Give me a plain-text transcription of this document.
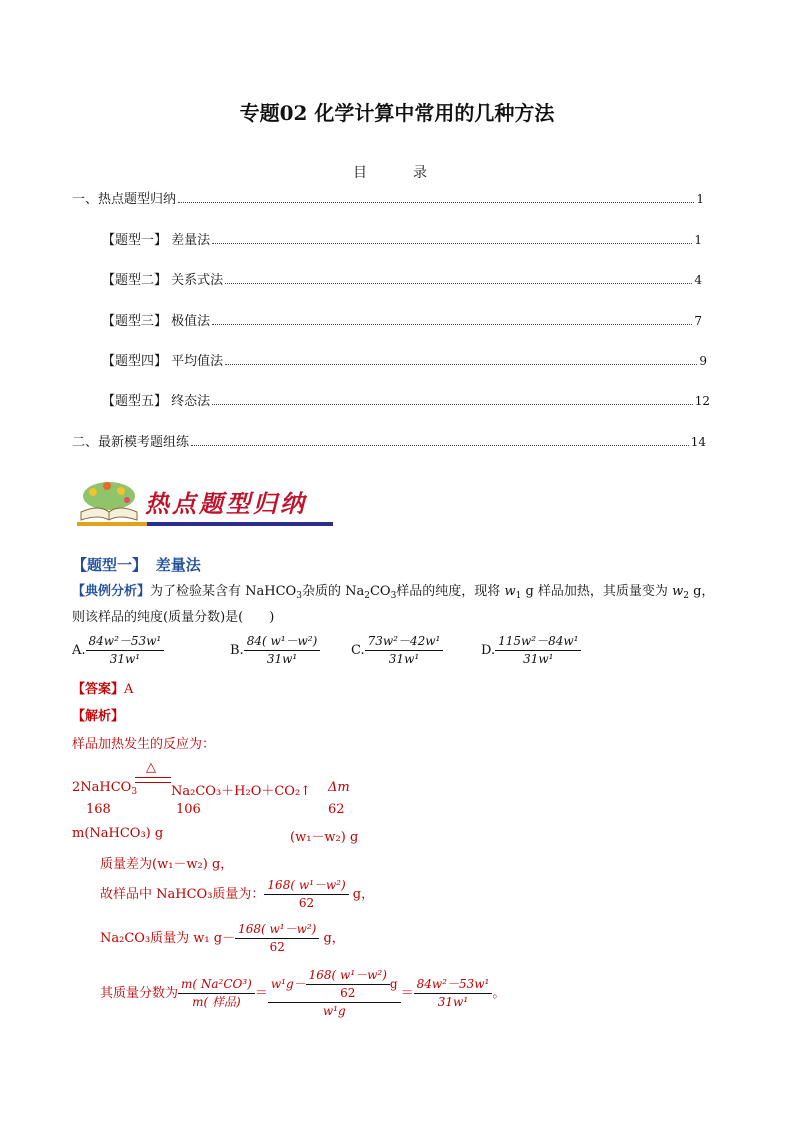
专题02 化学计算中常用的几种方法
目	录
一、热点题型归纳	1
【题型一】 差量法	1
【题型二】 关系式法	4
【题型三】 极值法	7
【题型四】 平均值法	9
【题型五】 终态法	12
二、最新模考题组练	14
热点题型归纳
【题型一】 差量法
【典例分析】为了检验某含有 NaHCO$_3$杂质的 $Na_2CO_3$样品的纯度，现将 $w_1$ g 样品加热，其质量变为 $w_2$ g，
则该样品的纯度(质量分数)是(　　)
A. $\frac{\text{84w²－53w¹}}{\text{31w¹}}$	B. $\frac{\text{84( w¹－w²)}}{\text{31w¹}} C$. $\frac{\text{73w²－42w¹}}{\text{31w¹}}$	D. $\frac{\text{115w²－84w¹}}{\text{31w¹}}$
【答案】A
【解析】
样品加热发生的反应为：
2NaHCO$_3$
△
Na₂CO₃＋H₂O＋CO₂↑ Δm
168	106	62
m(NaHCO₃) g	(w₁－w₂) g
质量差为(w₁－w₂) g，
故样品中 NaHCO₃质量为： $\frac{\text{168( w¹－w²)}}{62}$ g，
Na₂CO₃质量为 w₁ $g- \frac{\text{168( w¹－w²)}}{62}$ g，
其质量分数为 $\frac{\text{m( Na²CO³)}}{\text{m( 样品)}} = \frac{w^1g- \frac{\text{168( w¹－w²)}}{62} g}{\text{w¹g}} = \frac{\text{84w²－53w¹}}{\text{31w¹}}$ 。
